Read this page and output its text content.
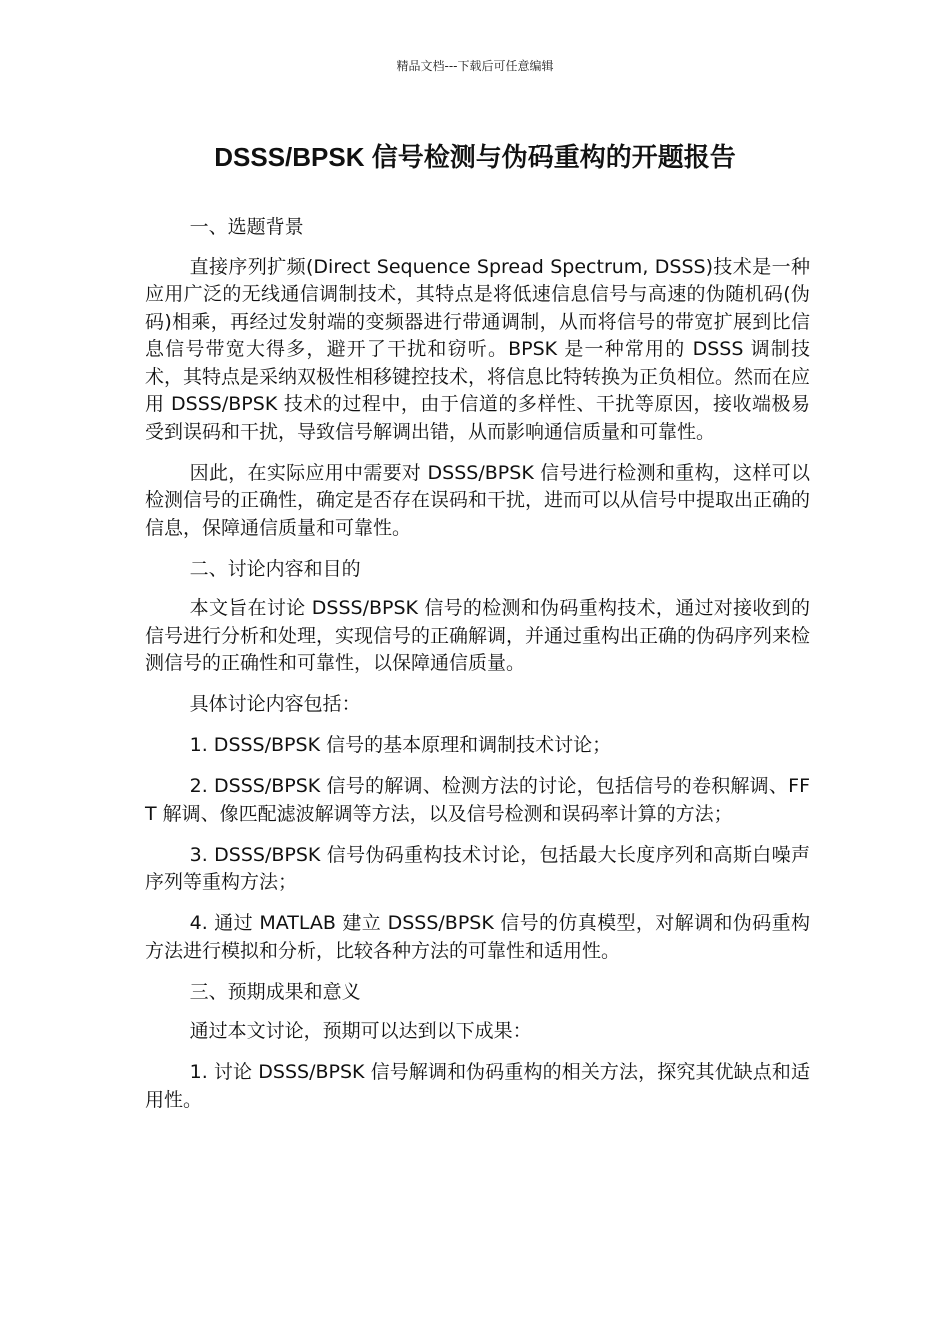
精品文档---下载后可任意编辑
DSSS/BPSK 信号检测与伪码重构的开题报告

一、选题背景

直接序列扩频(Direct Sequence Spread Spectrum, DSSS)技术是一种应用广泛的无线通信调制技术，其特点是将低速信息信号与高速的伪随机码(伪码)相乘，再经过发射端的变频器进行带通调制，从而将信号的带宽扩展到比信息信号带宽大得多，避开了干扰和窃听。BPSK 是一种常用的 DSSS 调制技术，其特点是采纳双极性相移键控技术，将信息比特转换为正负相位。然而在应用 DSSS/BPSK 技术的过程中，由于信道的多样性、干扰等原因，接收端极易受到误码和干扰，导致信号解调出错，从而影响通信质量和可靠性。

因此，在实际应用中需要对 DSSS/BPSK 信号进行检测和重构，这样可以检测信号的正确性，确定是否存在误码和干扰，进而可以从信号中提取出正确的信息，保障通信质量和可靠性。

二、讨论内容和目的

本文旨在讨论 DSSS/BPSK 信号的检测和伪码重构技术，通过对接收到的信号进行分析和处理，实现信号的正确解调，并通过重构出正确的伪码序列来检测信号的正确性和可靠性，以保障通信质量。

具体讨论内容包括：

1. DSSS/BPSK 信号的基本原理和调制技术讨论；

2. DSSS/BPSK 信号的解调、检测方法的讨论，包括信号的卷积解调、FFT 解调、像匹配滤波解调等方法，以及信号检测和误码率计算的方法；

3. DSSS/BPSK 信号伪码重构技术讨论，包括最大长度序列和高斯白噪声序列等重构方法；

4. 通过 MATLAB 建立 DSSS/BPSK 信号的仿真模型，对解调和伪码重构方法进行模拟和分析，比较各种方法的可靠性和适用性。

三、预期成果和意义

通过本文讨论，预期可以达到以下成果：

1. 讨论 DSSS/BPSK 信号解调和伪码重构的相关方法，探究其优缺点和适用性。
